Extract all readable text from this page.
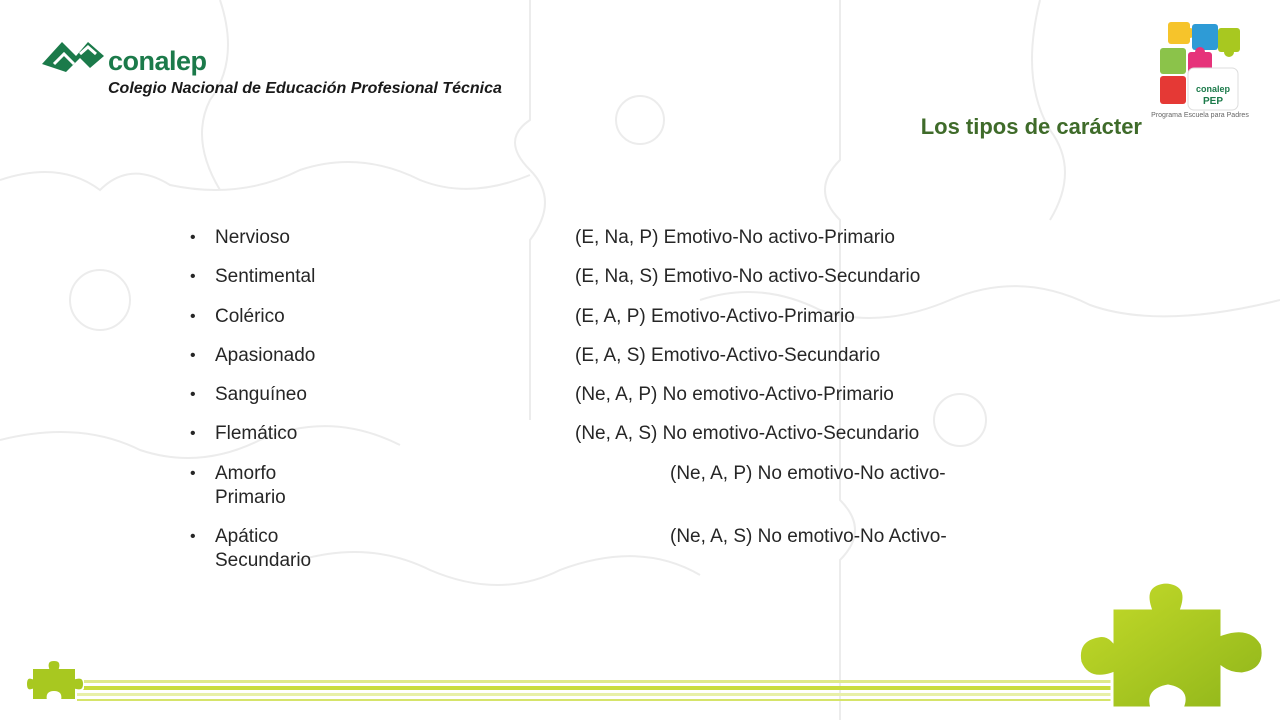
conalep
Colegio Nacional de Educación Profesional Técnica	conalep
PEP
Programa Escuela para Padres
Los tipos de carácter
• Nervioso	(E, Na, P) Emotivo-No activo-Primario
• Sentimental	(E, Na, S) Emotivo-No activo-Secundario
• Colérico	(E, A, P) Emotivo-Activo-Primario
• Apasionado	(E, A, S) Emotivo-Activo-Secundario
• Sanguíneo	(Ne, A, P) No emotivo-Activo-Primario
• Flemático	(Ne, A, S) No emotivo-Activo-Secundario
• Amorfo	(Ne, A, P) No emotivo-No activo-
Primario
• Apático	(Ne, A, S) No emotivo-No Activo-
Secundario
